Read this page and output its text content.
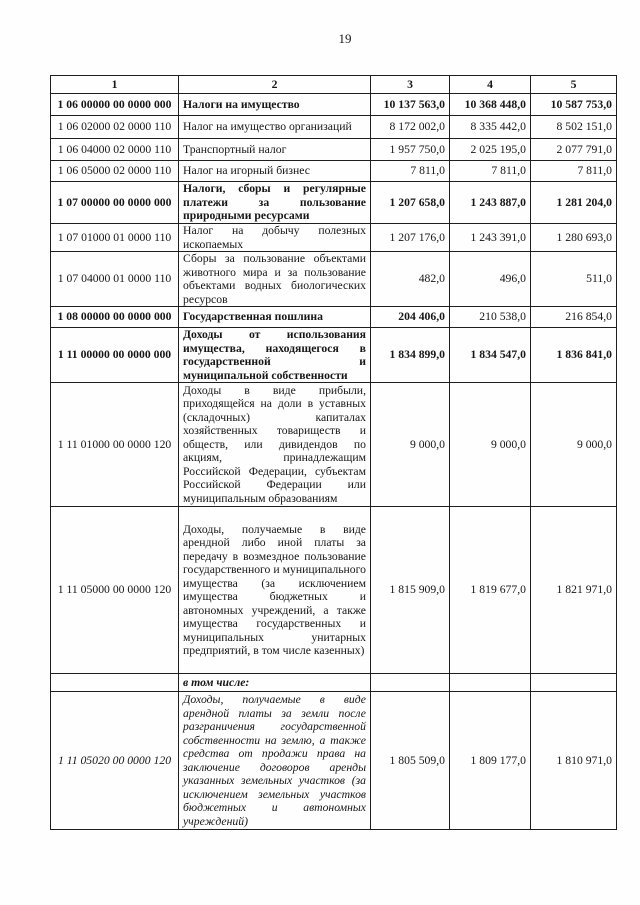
19
1	2	3	4	5
1 06 00000 00 0000 000	Налоги на имущество	10 137 563,0	10 368 448,0	10 587 753,0
1 06 02000 02 0000 110	Налог на имущество организаций	8 172 002,0	8 335 442,0	8 502 151,0
1 06 04000 02 0000 110	Транспортный налог	1 957 750,0	2 025 195,0	2 077 791,0
1 06 05000 02 0000 110	Налог на игорный бизнес	7 811,0	7 811,0	7 811,0
1 07 00000 00 0000 000	Налоги, сборы и регулярные платежи за пользование природными ресурсами	1 207 658,0	1 243 887,0	1 281 204,0
1 07 01000 01 0000 110	Налог на добычу полезных ископаемых	1 207 176,0	1 243 391,0	1 280 693,0
1 07 04000 01 0000 110	Сборы за пользование объектами животного мира и за пользование объектами водных биологических ресурсов	482,0	496,0	511,0
1 08 00000 00 0000 000	Государственная пошлина	204 406,0	210 538,0	216 854,0
1 11 00000 00 0000 000	Доходы от использования имущества, находящегося в государственной и муниципальной собственности	1 834 899,0	1 834 547,0	1 836 841,0
1 11 01000 00 0000 120	Доходы в виде прибыли, приходящейся на доли в уставных (складочных) капиталах хозяйственных товариществ и обществ, или дивидендов по акциям, принадлежащим Российской Федерации, субъектам Российской Федерации или муниципальным образованиям	9 000,0	9 000,0	9 000,0
1 11 05000 00 0000 120	Доходы, получаемые в виде арендной либо иной платы за передачу в возмездное пользование государственного и муниципального имущества (за исключением имущества бюджетных и автономных учреждений, а также имущества государственных и муниципальных унитарных предприятий, в том числе казенных)	1 815 909,0	1 819 677,0	1 821 971,0
	в том числе:			
1 11 05020 00 0000 120	Доходы, получаемые в виде арендной платы за земли после разграничения государственной собственности на землю, а также средства от продажи права на заключение договоров аренды указанных земельных участков (за исключением земельных участков бюджетных и автономных учреждений)	1 805 509,0	1 809 177,0	1 810 971,0
